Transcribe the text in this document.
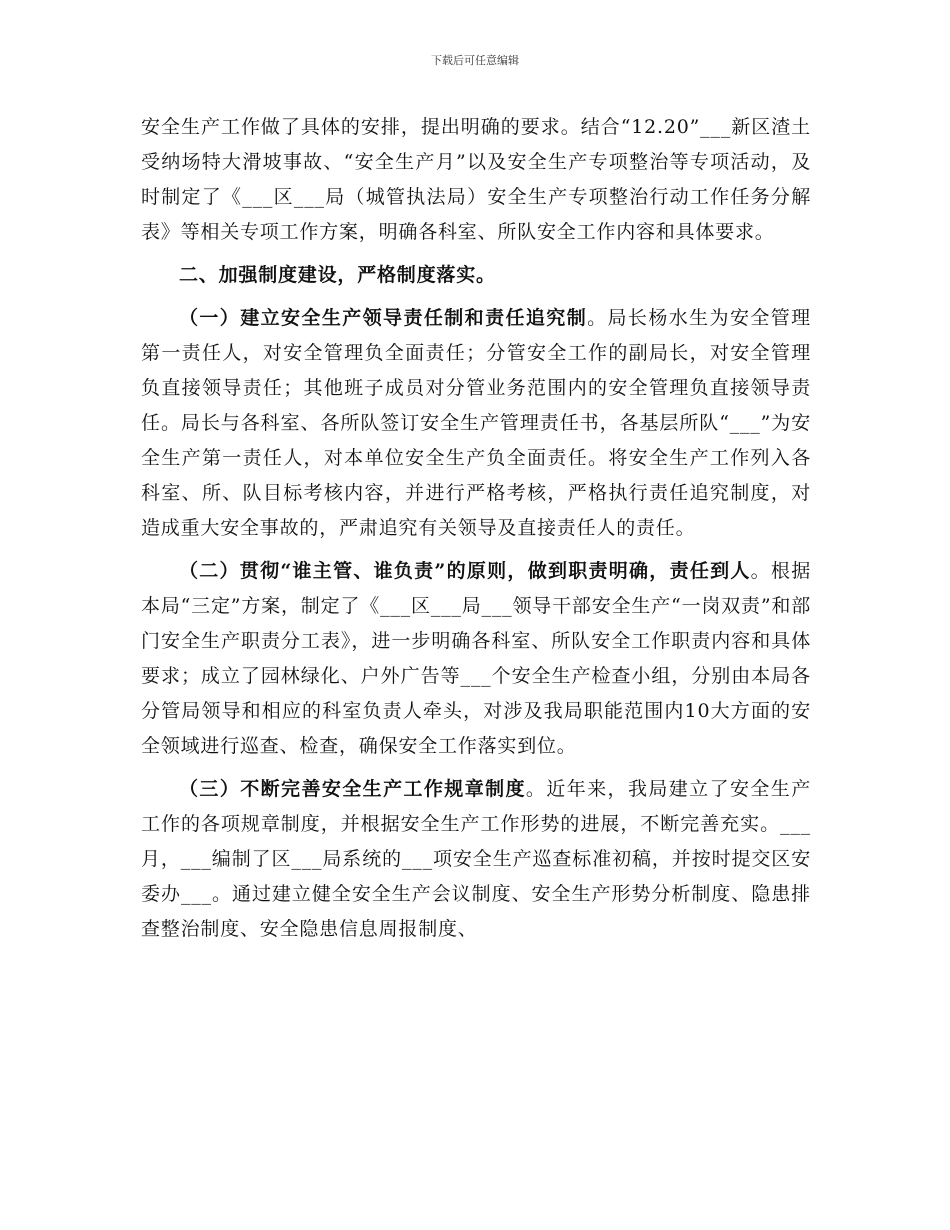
下载后可任意编辑

安全生产工作做了具体的安排，提出明确的要求。结合“12.20”___新区渣土受纳场特大滑坡事故、“安全生产月”以及安全生产专项整治等专项活动，及时制定了《___区___局（城管执法局）安全生产专项整治行动工作任务分解表》等相关专项工作方案，明确各科室、所队安全工作内容和具体要求。

二、加强制度建设，严格制度落实。

（一）建立安全生产领导责任制和责任追究制。局长杨水生为安全管理第一责任人，对安全管理负全面责任；分管安全工作的副局长，对安全管理负直接领导责任；其他班子成员对分管业务范围内的安全管理负直接领导责任。局长与各科室、各所队签订安全生产管理责任书，各基层所队“___”为安全生产第一责任人，对本单位安全生产负全面责任。将安全生产工作列入各科室、所、队目标考核内容，并进行严格考核，严格执行责任追究制度，对造成重大安全事故的，严肃追究有关领导及直接责任人的责任。

（二）贯彻“谁主管、谁负责”的原则，做到职责明确，责任到人。根据本局“三定”方案，制定了《___区___局___领导干部安全生产“一岗双责”和部门安全生产职责分工表》，进一步明确各科室、所队安全工作职责内容和具体要求；成立了园林绿化、户外广告等___个安全生产检查小组，分别由本局各分管局领导和相应的科室负责人牵头，对涉及我局职能范围内10大方面的安全领域进行巡查、检查，确保安全工作落实到位。

（三）不断完善安全生产工作规章制度。近年来，我局建立了安全生产工作的各项规章制度，并根据安全生产工作形势的进展，不断完善充实。___月，___编制了区___局系统的___项安全生产巡查标准初稿，并按时提交区安委办___。通过建立健全安全生产会议制度、安全生产形势分析制度、隐患排查整治制度、安全隐患信息周报制度、
